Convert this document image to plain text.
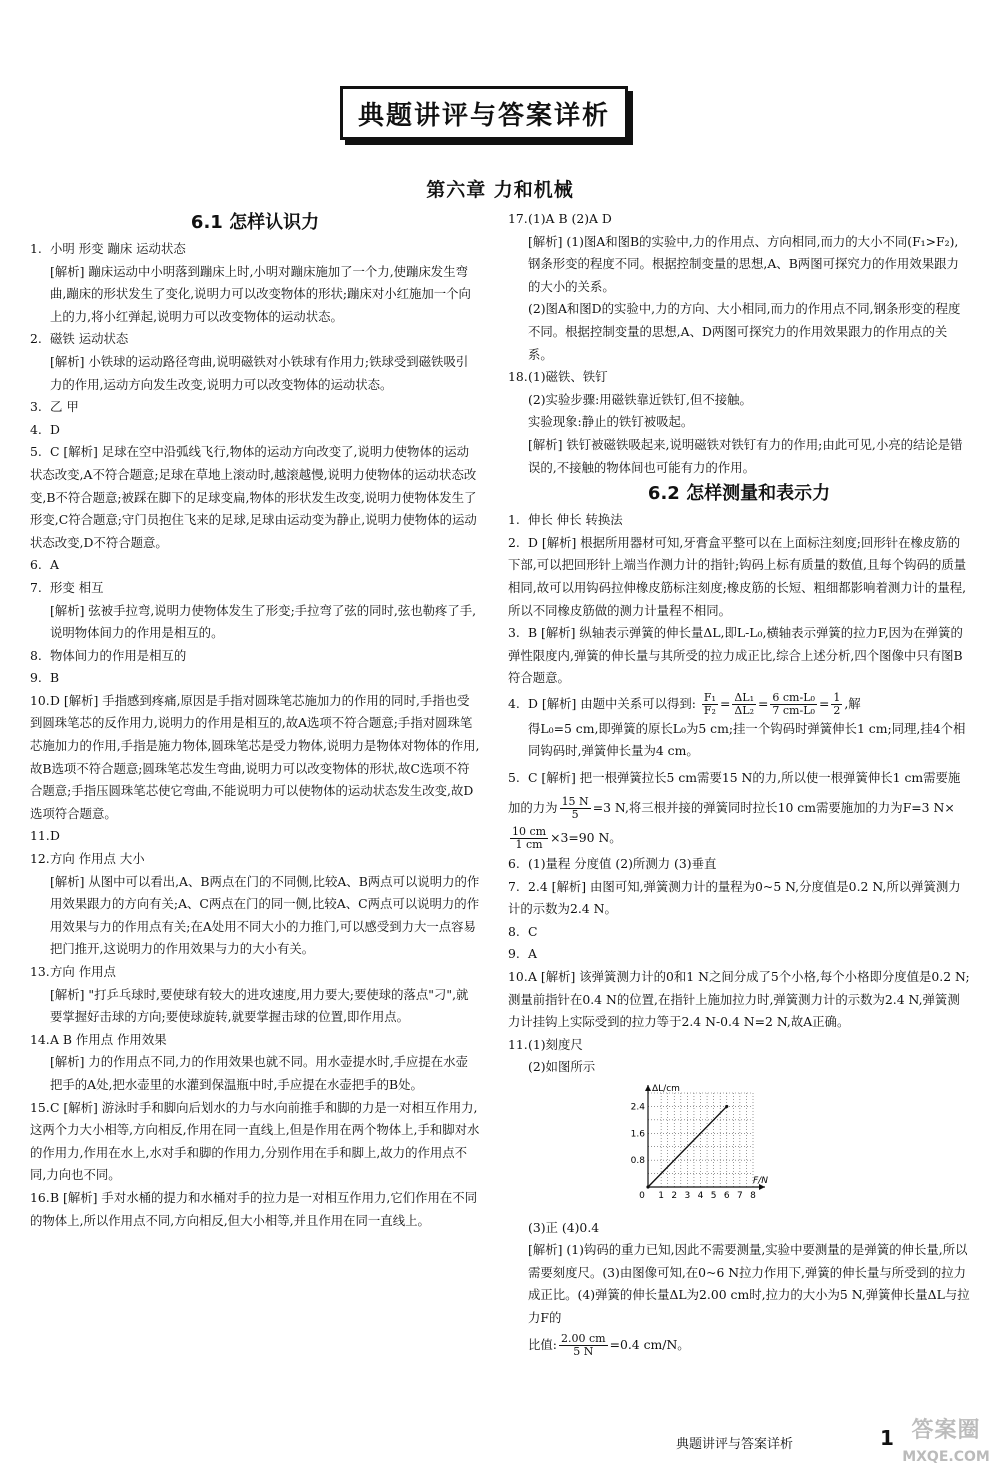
典题讲评与答案详析
第六章 力和机械
6.1 怎样认识力
1. 小明 形变 蹦床 运动状态
[解析] 蹦床运动中小明落到蹦床上时,小明对蹦床施加了一个力,使蹦床发生弯曲,蹦床的形状发生了变化,说明力可以改变物体的形状;蹦床对小红施加一个向上的力,将小红弹起,说明力可以改变物体的运动状态。
2. 磁铁 运动状态
[解析] 小铁球的运动路径弯曲,说明磁铁对小铁球有作用力;铁球受到磁铁吸引力的作用,运动方向发生改变,说明力可以改变物体的运动状态。
3. 乙 甲
4. D
5. C [解析] 足球在空中沿弧线飞行,物体的运动方向改变了,说明力使物体的运动状态改变,A不符合题意;足球在草地上滚动时,越滚越慢,说明力使物体的运动状态改变,B不符合题意;被踩在脚下的足球变扁,物体的形状发生改变,说明力使物体发生了形变,C符合题意;守门员抱住飞来的足球,足球由运动变为静止,说明力使物体的运动状态改变,D不符合题意。
6. A
7. 形变 相互
[解析] 弦被手拉弯,说明力使物体发生了形变;手拉弯了弦的同时,弦也勒疼了手,说明物体间力的作用是相互的。
8. 物体间力的作用是相互的
9. B
10.D [解析] 手指感到疼痛,原因是手指对圆珠笔芯施加力的作用的同时,手指也受到圆珠笔芯的反作用力,说明力的作用是相互的,故A选项不符合题意;手指对圆珠笔芯施加力的作用,手指是施力物体,圆珠笔芯是受力物体,说明力是物体对物体的作用,故B选项不符合题意;圆珠笔芯发生弯曲,说明力可以改变物体的形状,故C选项不符合题意;手指压圆珠笔芯使它弯曲,不能说明力可以使物体的运动状态发生改变,故D选项符合题意。
11.D
12.方向 作用点 大小
[解析] 从图中可以看出,A、B两点在门的不同侧,比较A、B两点可以说明力的作用效果跟力的方向有关;A、C两点在门的同一侧,比较A、C两点可以说明力的作用效果与力的作用点有关;在A处用不同大小的力推门,可以感受到力大一点容易把门推开,这说明力的作用效果与力的大小有关。
13.方向 作用点
[解析] "打乒乓球时,要使球有较大的进攻速度,用力要大;要使球的落点"刁",就要掌握好击球的方向;要使球旋转,就要掌握击球的位置,即作用点。
14.A B 作用点 作用效果
[解析] 力的作用点不同,力的作用效果也就不同。用水壶提水时,手应提在水壶把手的A处,把水壶里的水灌到保温瓶中时,手应提在水壶把手的B处。
15.C [解析] 游泳时手和脚向后划水的力与水向前推手和脚的力是一对相互作用力,这两个力大小相等,方向相反,作用在同一直线上,但是作用在两个物体上,手和脚对水的作用力,作用在水上,水对手和脚的作用力,分别作用在手和脚上,故力的作用点不同,力向也不同。
16.B [解析] 手对水桶的提力和水桶对手的拉力是一对相互作用力,它们作用在不同的物体上,所以作用点不同,方向相反,但大小相等,并且作用在同一直线上。
17.(1)A B (2)A D
[解析] (1)图A和图B的实验中,力的作用点、方向相同,而力的大小不同(F₁>F₂),钢条形变的程度不同。根据控制变量的思想,A、B两图可探究力的作用效果跟力的大小的关系。
(2)图A和图D的实验中,力的方向、大小相同,而力的作用点不同,钢条形变的程度不同。根据控制变量的思想,A、D两图可探究力的作用效果跟力的作用点的关系。
18.(1)磁铁、铁钉
(2)实验步骤:用磁铁靠近铁钉,但不接触。
实验现象:静止的铁钉被吸起。
[解析] 铁钉被磁铁吸起来,说明磁铁对铁钉有力的作用;由此可见,小亮的结论是错误的,不接触的物体间也可能有力的作用。
6.2 怎样测量和表示力
1. 伸长 伸长 转换法
2. D [解析] 根据所用器材可知,牙膏盒平整可以在上面标注刻度;回形针在橡皮筋的下部,可以把回形针上端当作测力计的指针;钩码上标有质量的数值,且每个钩码的质量相同,故可以用钩码拉伸橡皮筋标注刻度;橡皮筋的长短、粗细都影响着测力计的量程,所以不同橡皮筋做的测力计量程不相同。
3. B [解析] 纵轴表示弹簧的伸长量ΔL,即L-L₀,横轴表示弹簧的拉力F,因为在弹簧的弹性限度内,弹簧的伸长量与其所受的拉力成正比,综合上述分析,四个图像中只有图B符合题意。
4. D [解析] 由题中关系可以得到: $\frac{\text{F₁}}{\text{F₂}} = \frac{\text{ΔL₁}}{\text{ΔL₂}} = \frac{\text{6 cm-L₀}}{\text{7 cm-L₀}} = \frac{1}{2}$ ,解
得L₀=5 cm,即弹簧的原长L₀为5 cm;挂一个钩码时弹簧伸长1 cm;同理,挂4个相同钩码时,弹簧伸长量为4 cm。
5. C [解析] 把一根弹簧拉长5 cm需要15 N的力,所以使一根弹簧伸长1 cm需要施加的力为 $\frac{15 N}{5} =3$ N,将三根并接的弹簧同时拉长10 cm需要施加的力为F=3 N×
$\frac{10 cm}{1 cm} \times 3=90$ N。
6. (1)量程 分度值 (2)所测力 (3)垂直
7. 2.4 [解析] 由图可知,弹簧测力计的量程为0~5 N,分度值是0.2 N,所以弹簧测力计的示数为2.4 N。
8. C
9. A
10.A [解析] 该弹簧测力计的0和1 N之间分成了5个小格,每个小格即分度值是0.2 N;测量前指针在0.4 N的位置,在指针上施加拉力时,弹簧测力计的示数为2.4 N,弹簧测力计挂钩上实际受到的拉力等于2.4 N-0.4 N=2 N,故A正确。
11.(1)刻度尺
(2)如图所示
ΔL/cm
F/N
0.8
1.6
2.4
0 1 2 3 4 5 6 7 8
(3)正 (4)0.4
[解析] (1)钩码的重力已知,因此不需要测量,实验中要测量的是弹簧的伸长量,所以需要刻度尺。(3)由图像可知,在0~6 N拉力作用下,弹簧的伸长量与所受到的拉力成正比。(4)弹簧的伸长量ΔL为2.00 cm时,拉力的大小为5 N,弹簧伸长量ΔL与拉力F的
比值: $\frac{2.00 cm}{5 N} =0.4$ cm/N。
典题讲评与答案详析	1 答案圈
MXQE.COM
